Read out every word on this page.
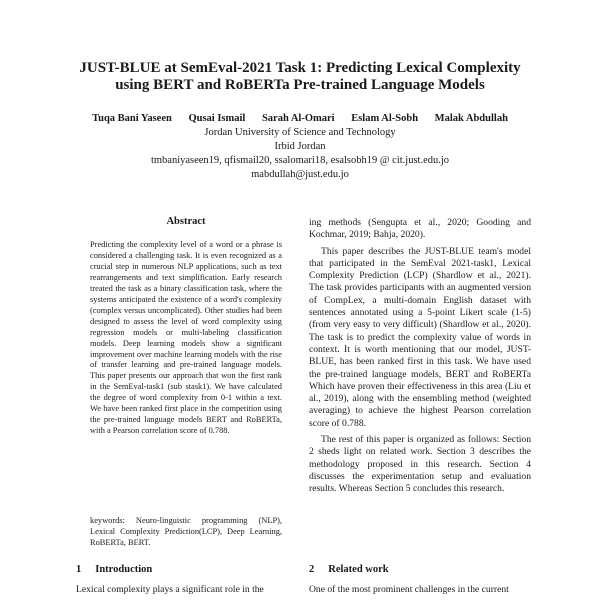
JUST-BLUE at SemEval-2021 Task 1: Predicting Lexical Complexity
using BERT and RoBERTa Pre-trained Language Models
Tuqa Bani Yaseen Qusai Ismail Sarah Al-Omari Eslam Al-Sobh Malak Abdullah
Jordan University of Science and Technology
Irbid Jordan
tmbaniyaseen19, qfismail20, ssalomari18, esalsobh19 @ cit.just.edu.jo
mabdullah@just.edu.jo
Abstract
Predicting the complexity level of a word or a phrase is considered a challenging task. It is even recognized as a crucial step in numerous NLP applications, such as text rearrangements and text simplification. Early research treated the task as a binary classification task, where the systems anticipated the existence of a word's complexity (complex versus uncomplicated). Other studies had been designed to assess the level of word complexity using regression models or multi-labeling classification models. Deep learning models show a significant improvement over machine learning models with the rise of transfer learning and pre-trained language models. This paper presents our approach that won the first rank in the SemEval-task1 (sub stask1). We have calculated the degree of word complexity from 0-1 within a text. We have been ranked first place in the competition using the pre-trained language models BERT and RoBERTa, with a Pearson correlation score of 0.788.
keywords: Neuro-linguistic programming (NLP), Lexical Complexity Prediction(LCP), Deep Learning, RoBERTa, BERT.
1 Introduction
Lexical complexity plays a significant role in the

ing methods (Sengupta et al., 2020; Gooding and Kochmar, 2019; Bahja, 2020).

This paper describes the JUST-BLUE team's model that participated in the SemEval 2021-task1, Lexical Complexity Prediction (LCP) (Shardlow et al., 2021). The task provides participants with an augmented version of CompLex, a multi-domain English dataset with sentences annotated using a 5-point Likert scale (1-5) (from very easy to very difficult) (Shardlow et al., 2020). The task is to predict the complexity value of words in context. It is worth mentioning that our model, JUST-BLUE, has been ranked first in this task. We have used the pre-trained language models, BERT and RoBERTa Which have proven their effectiveness in this area (Liu et al., 2019), along with the ensembling method (weighted averaging) to achieve the highest Pearson correlation score of 0.788.

The rest of this paper is organized as follows: Section 2 sheds light on related work. Section 3 describes the methodology proposed in this research. Section 4 discusses the experimentation setup and evaluation results. Whereas Section 5 concludes this research.

2 Related work
One of the most prominent challenges in the current
